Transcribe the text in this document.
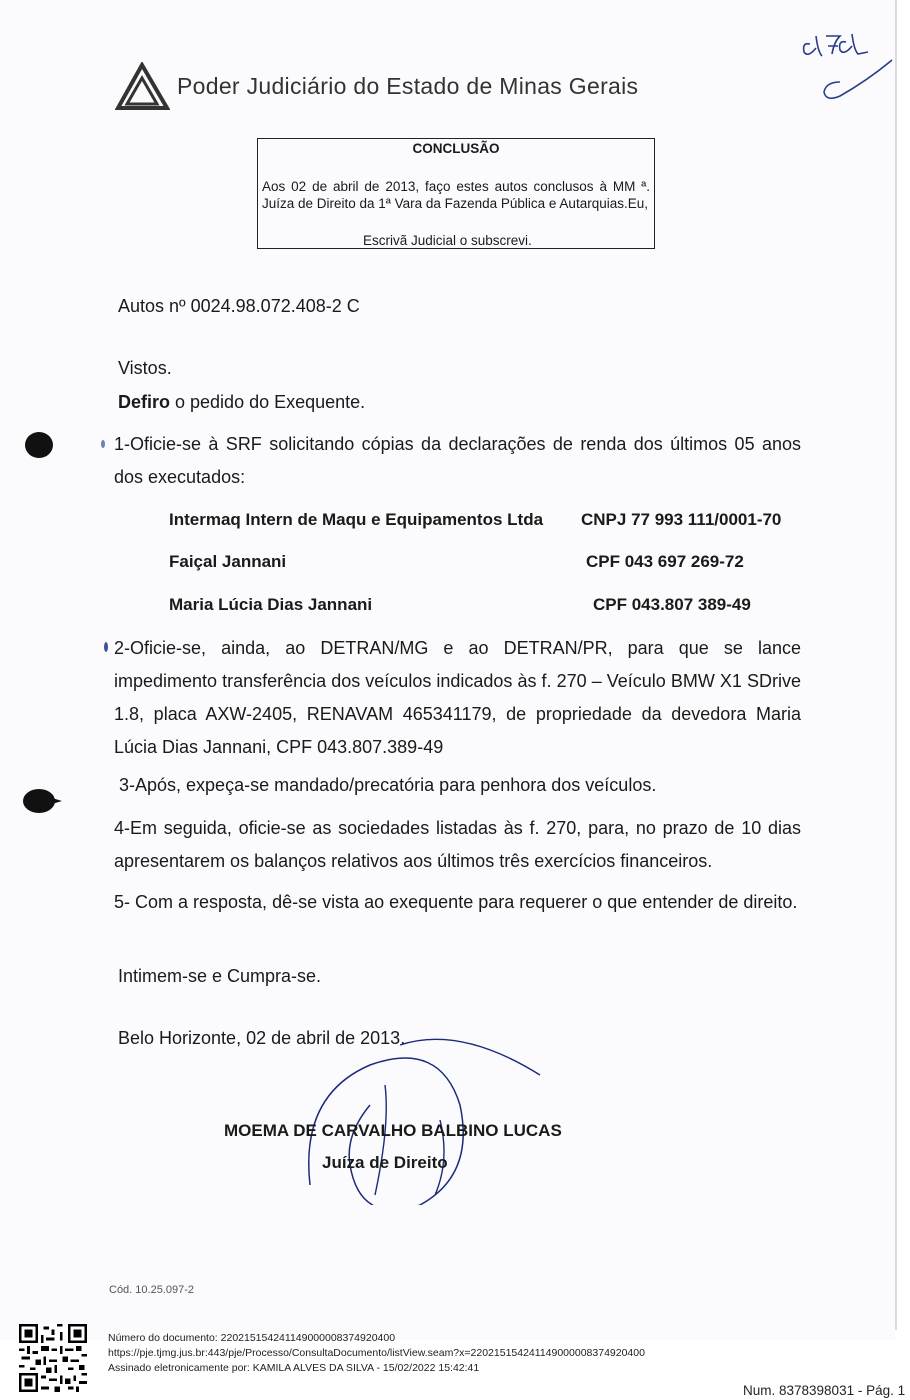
Poder Judiciário do Estado de Minas Gerais
CONCLUSÃO
Aos 02 de abril de 2013, faço estes autos conclusos à MM ª. Juíza de Direito da 1ª Vara da Fazenda Pública e Autarquias.Eu,
Escrivã Judicial o subscrevi.
Autos nº 0024.98.072.408-2 C
Vistos.
Defiro o pedido do Exequente.
1-Oficie-se à SRF solicitando cópias da declarações de renda dos últimos 05 anos dos executados:
Intermaq Intern de Maqu e Equipamentos Ltda CNPJ 77 993 111/0001-70
Faiçal Jannani	CPF 043 697 269-72
Maria Lúcia Dias Jannani	CPF 043.807 389-49
2-Oficie-se, ainda, ao DETRAN/MG e ao DETRAN/PR, para que se lance impedimento transferência dos veículos indicados às f. 270 – Veículo BMW X1 SDrive 1.8, placa AXW-2405, RENAVAM 465341179, de propriedade da devedora Maria Lúcia Dias Jannani, CPF 043.807.389-49
3-Após, expeça-se mandado/precatória para penhora dos veículos.
4-Em seguida, oficie-se as sociedades listadas às f. 270, para, no prazo de 10 dias apresentarem os balanços relativos aos últimos três exercícios financeiros.
5- Com a resposta, dê-se vista ao exequente para requerer o que entender de direito.
Intimem-se e Cumpra-se.
Belo Horizonte, 02 de abril de 2013.
MOEMA DE CARVALHO BALBINO LUCAS
Juíza de Direito
Cód. 10.25.097-2
Número do documento: 22021515424114900000837492040​0
https://pje.tjmg.jus.br:443/pje/Processo/ConsultaDocumento/listView.seam?x=22021515424114900000837492040​0
Assinado eletronicamente por: KAMILA ALVES DA SILVA - 15/02/2022 15:42:41
Num. 8378398031 - Pág. 1
